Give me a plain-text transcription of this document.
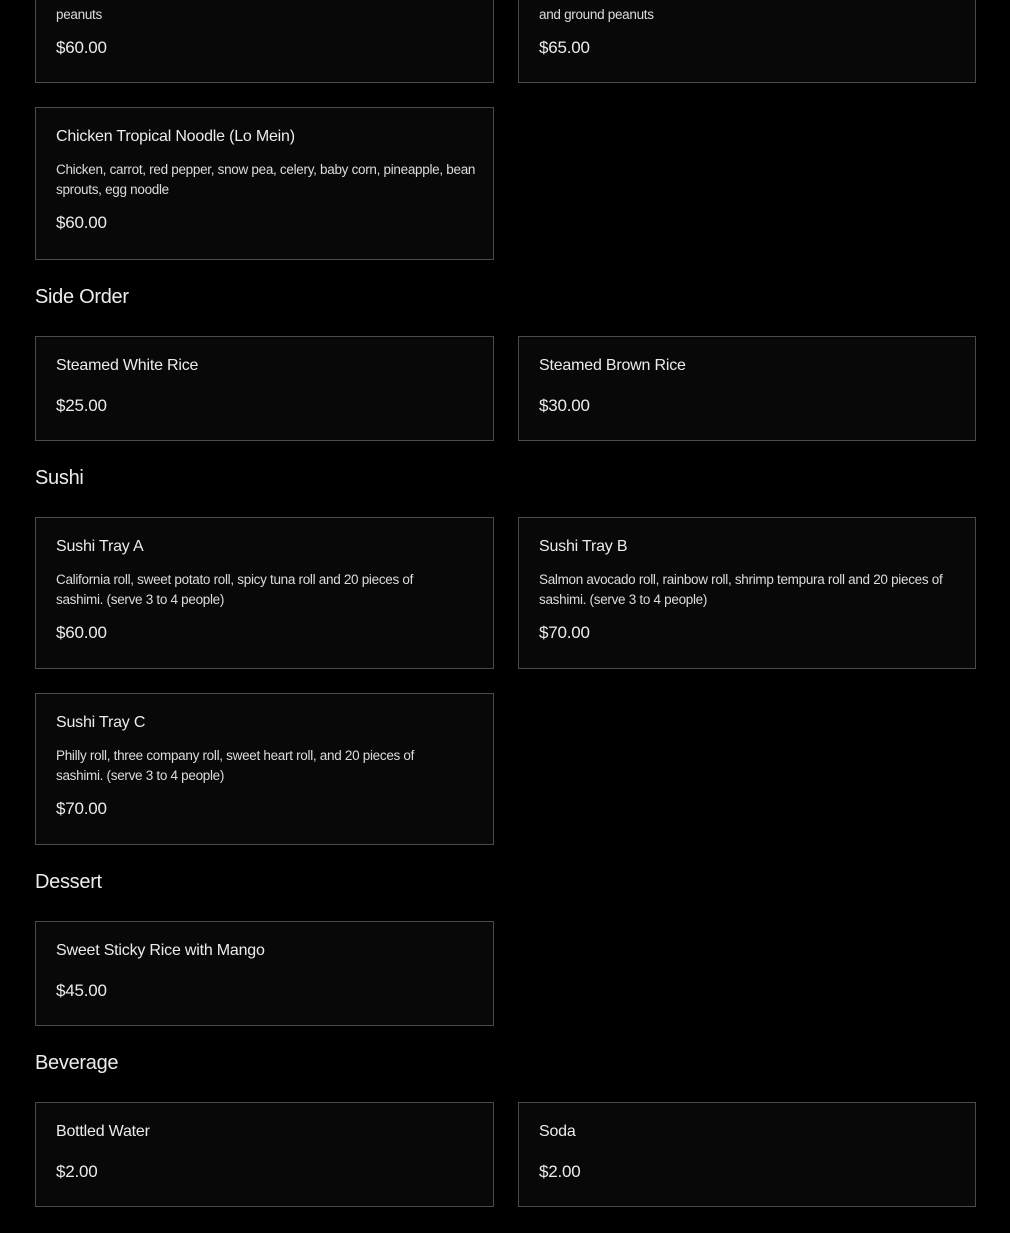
peanuts
$60.00
and ground peanuts
$65.00
Chicken Tropical Noodle (Lo Mein)
Chicken, carrot, red pepper, snow pea, celery, baby corn, pineapple, bean sprouts, egg noodle
$60.00
Side Order
Steamed White Rice
$25.00
Steamed Brown Rice
$30.00
Sushi
Sushi Tray A
California roll, sweet potato roll, spicy tuna roll and 20 pieces of sashimi. (serve 3 to 4 people)
$60.00
Sushi Tray B
Salmon avocado roll, rainbow roll, shrimp tempura roll and 20 pieces of sashimi. (serve 3 to 4 people)
$70.00
Sushi Tray C
Philly roll, three company roll, sweet heart roll, and 20 pieces of sashimi. (serve 3 to 4 people)
$70.00
Dessert
Sweet Sticky Rice with Mango
$45.00
Beverage
Bottled Water
$2.00
Soda
$2.00
